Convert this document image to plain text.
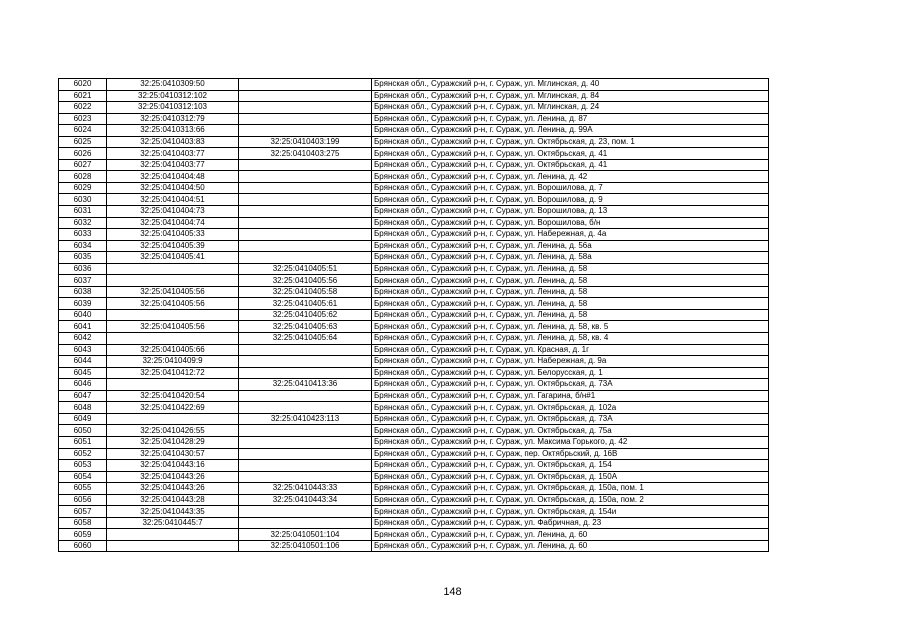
6020	32:25:0410309:50		Брянская обл., Суражский р-н, г. Сураж, ул. Мглинская, д. 40
6021	32:25:0410312:102		Брянская обл., Суражский р-н, г. Сураж, ул. Мглинская, д. 84
6022	32:25:0410312:103		Брянская обл., Суражский р-н, г. Сураж, ул. Мглинская, д. 24
6023	32:25:0410312:79		Брянская обл., Суражский р-н, г. Сураж, ул. Ленина, д. 87
6024	32:25:0410313:66		Брянская обл., Суражский р-н, г. Сураж, ул. Ленина, д. 99А
6025	32:25:0410403:83	32:25:0410403:199	Брянская обл., Суражский р-н, г. Сураж, ул. Октябрьская, д. 23, пом. 1
6026	32:25:0410403:77	32:25:0410403:275	Брянская обл., Суражский р-н, г. Сураж, ул. Октябрьская, д. 41
6027	32:25:0410403:77		Брянская обл., Суражский р-н, г. Сураж, ул. Октябрьская, д. 41
6028	32:25:0410404:48		Брянская обл., Суражский р-н, г. Сураж, ул. Ленина, д. 42
6029	32:25:0410404:50		Брянская обл., Суражский р-н, г. Сураж, ул. Ворошилова, д. 7
6030	32:25:0410404:51		Брянская обл., Суражский р-н, г. Сураж, ул. Ворошилова, д. 9
6031	32:25:0410404:73		Брянская обл., Суражский р-н, г. Сураж, ул. Ворошилова, д. 13
6032	32:25:0410404:74		Брянская обл., Суражский р-н, г. Сураж, ул. Ворошилова, б/н
6033	32:25:0410405:33		Брянская обл., Суражский р-н, г. Сураж, ул. Набережная, д. 4а
6034	32:25:0410405:39		Брянская обл., Суражский р-н, г. Сураж, ул. Ленина, д. 56а
6035	32:25:0410405:41		Брянская обл., Суражский р-н, г. Сураж, ул. Ленина, д. 58а
6036		32:25:0410405:51	Брянская обл., Суражский р-н, г. Сураж, ул. Ленина, д. 58
6037		32:25:0410405:56	Брянская обл., Суражский р-н, г. Сураж, ул. Ленина, д. 58
6038	32:25:0410405:56	32:25:0410405:58	Брянская обл., Суражский р-н, г. Сураж, ул. Ленина, д. 58
6039	32:25:0410405:56	32:25:0410405:61	Брянская обл., Суражский р-н, г. Сураж, ул. Ленина, д. 58
6040		32:25:0410405:62	Брянская обл., Суражский р-н, г. Сураж, ул. Ленина, д. 58
6041	32:25:0410405:56	32:25:0410405:63	Брянская обл., Суражский р-н, г. Сураж, ул. Ленина, д. 58, кв. 5
6042		32:25:0410405:64	Брянская обл., Суражский р-н, г. Сураж, ул. Ленина, д. 58, кв. 4
6043	32:25:0410405:66		Брянская обл., Суражский р-н, г. Сураж, ул. Красная, д. 1г
6044	32:25:0410409:9		Брянская обл., Суражский р-н, г. Сураж, ул. Набережная, д. 9а
6045	32:25:0410412:72		Брянская обл., Суражский р-н, г. Сураж, ул. Белорусская, д. 1
6046		32:25:0410413:36	Брянская обл., Суражский р-н, г. Сураж, ул. Октябрьская, д. 73А
6047	32:25:0410420:54		Брянская обл., Суражский р-н, г. Сураж, ул. Гагарина, б/н#1
6048	32:25:0410422:69		Брянская обл., Суражский р-н, г. Сураж, ул. Октябрьская, д. 102а
6049		32:25:0410423:113	Брянская обл., Суражский р-н, г. Сураж, ул. Октябрьская, д. 73А
6050	32:25:0410426:55		Брянская обл., Суражский р-н, г. Сураж, ул. Октябрьская, д. 75а
6051	32:25:0410428:29		Брянская обл., Суражский р-н, г. Сураж, ул. Максима Горького, д. 42
6052	32:25:0410430:57		Брянская обл., Суражский р-н, г. Сураж, пер. Октябрьский, д. 16В
6053	32:25:0410443:16		Брянская обл., Суражский р-н, г. Сураж, ул. Октябрьская, д. 154
6054	32:25:0410443:26		Брянская обл., Суражский р-н, г. Сураж, ул. Октябрьская, д. 150А
6055	32:25:0410443:26	32:25:0410443:33	Брянская обл., Суражский р-н, г. Сураж, ул. Октябрьская, д. 150а, пом. 1
6056	32:25:0410443:28	32:25:0410443:34	Брянская обл., Суражский р-н, г. Сураж, ул. Октябрьская, д. 150а, пом. 2
6057	32:25:0410443:35		Брянская обл., Суражский р-н, г. Сураж, ул. Октябрьская, д. 154и
6058	32:25:0410445:7		Брянская обл., Суражский р-н, г. Сураж, ул. Фабричная, д. 23
6059		32:25:0410501:104	Брянская обл., Суражский р-н, г. Сураж, ул. Ленина, д. 60
6060		32:25:0410501:106	Брянская обл., Суражский р-н, г. Сураж, ул. Ленина, д. 60
148
